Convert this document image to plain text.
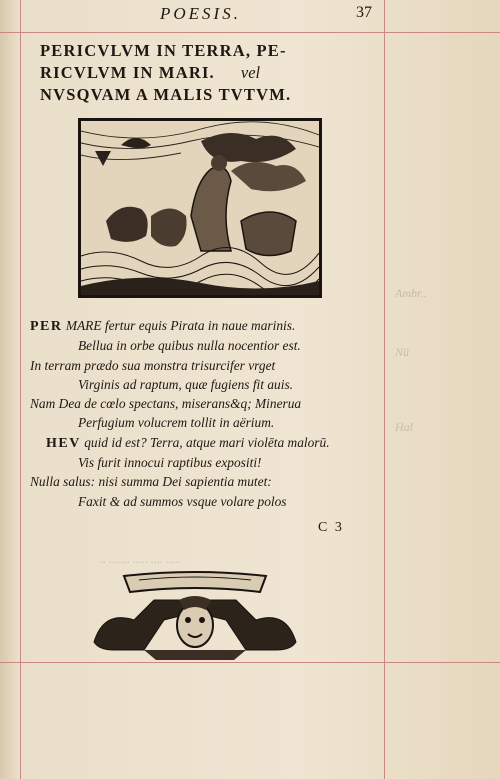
Ambr..
Nü
Hal
.. ....... ..... .... .....
POESIS.	37
PERICVLVM IN TERRA, PE-
RICVLVM IN MARI. vel
NVSQVAM A MALIS TVTVM.
PER MARE fertur equis Pirata in naue marinis.
Bellua in orbe quibus nulla nocentior est.
In terram prædo sua monstra trisurcifer vrget
Virginis ad raptum, quæ fugiens fit auis.
Nam Dea de cœlo spectans, miserans&q; Minerua
Perfugium volucrem tollit in aërium.
HEV quid id est? Terra, atque mari violēta malorū.
Vis furit innocui raptibus expositi!
Nulla salus: nisi summa Dei sapientia mutet:
Faxit & ad summos vsque volare polos
C 3
